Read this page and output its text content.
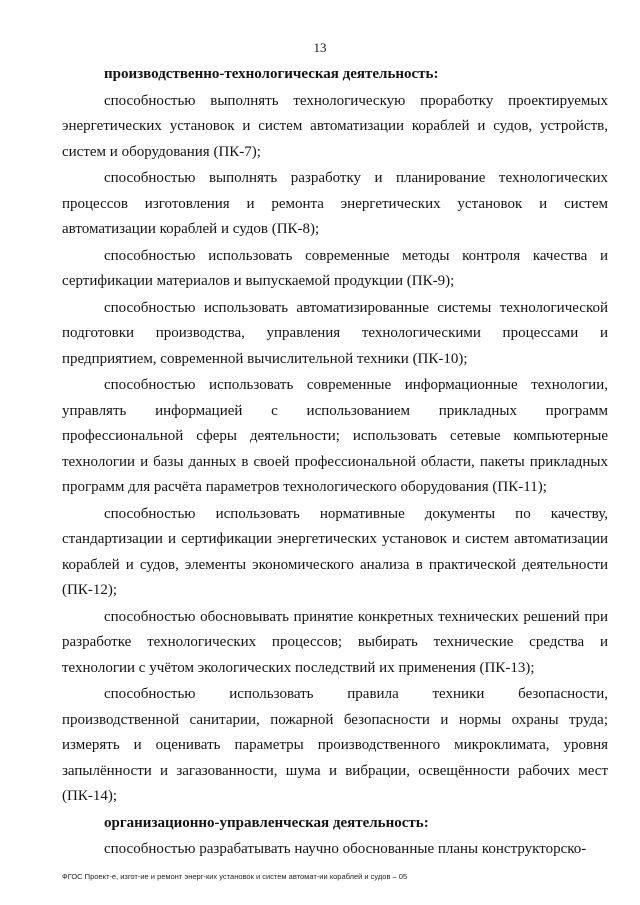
13

производственно-технологическая деятельность:

способностью выполнять технологическую проработку проектируемых энергетических установок и систем автоматизации кораблей и судов, устройств, систем и оборудования (ПК-7);

способностью выполнять разработку и планирование технологических процессов изготовления и ремонта энергетических установок и систем автоматизации кораблей и судов (ПК-8);

способностью использовать современные методы контроля качества и сертификации материалов и выпускаемой продукции (ПК-9);

способностью использовать автоматизированные системы технологической подготовки производства, управления технологическими процессами и предприятием, современной вычислительной техники (ПК-10);

способностью использовать современные информационные технологии, управлять информацией с использованием прикладных программ профессиональной сферы деятельности; использовать сетевые компьютерные технологии и базы данных в своей профессиональной области, пакеты прикладных программ для расчёта параметров технологического оборудования (ПК-11);

способностью использовать нормативные документы по качеству, стандартизации и сертификации энергетических установок и систем автоматизации кораблей и судов, элементы экономического анализа в практической деятельности (ПК-12);

способностью обосновывать принятие конкретных технических решений при разработке технологических процессов; выбирать технические средства и технологии с учётом экологических последствий их применения (ПК-13);

способностью использовать правила техники безопасности, производственной санитарии, пожарной безопасности и нормы охраны труда; измерять и оценивать параметры производственного микроклимата, уровня запылённости и загазованности, шума и вибрации, освещённости рабочих мест (ПК-14);

организационно-управленческая деятельность:

способностью разрабатывать научно обоснованные планы конструкторско-

ФГОС Проект-е, изгот-ие и ремонт энерг-ких установок и систем автомат-ии кораблей и судов – 05
